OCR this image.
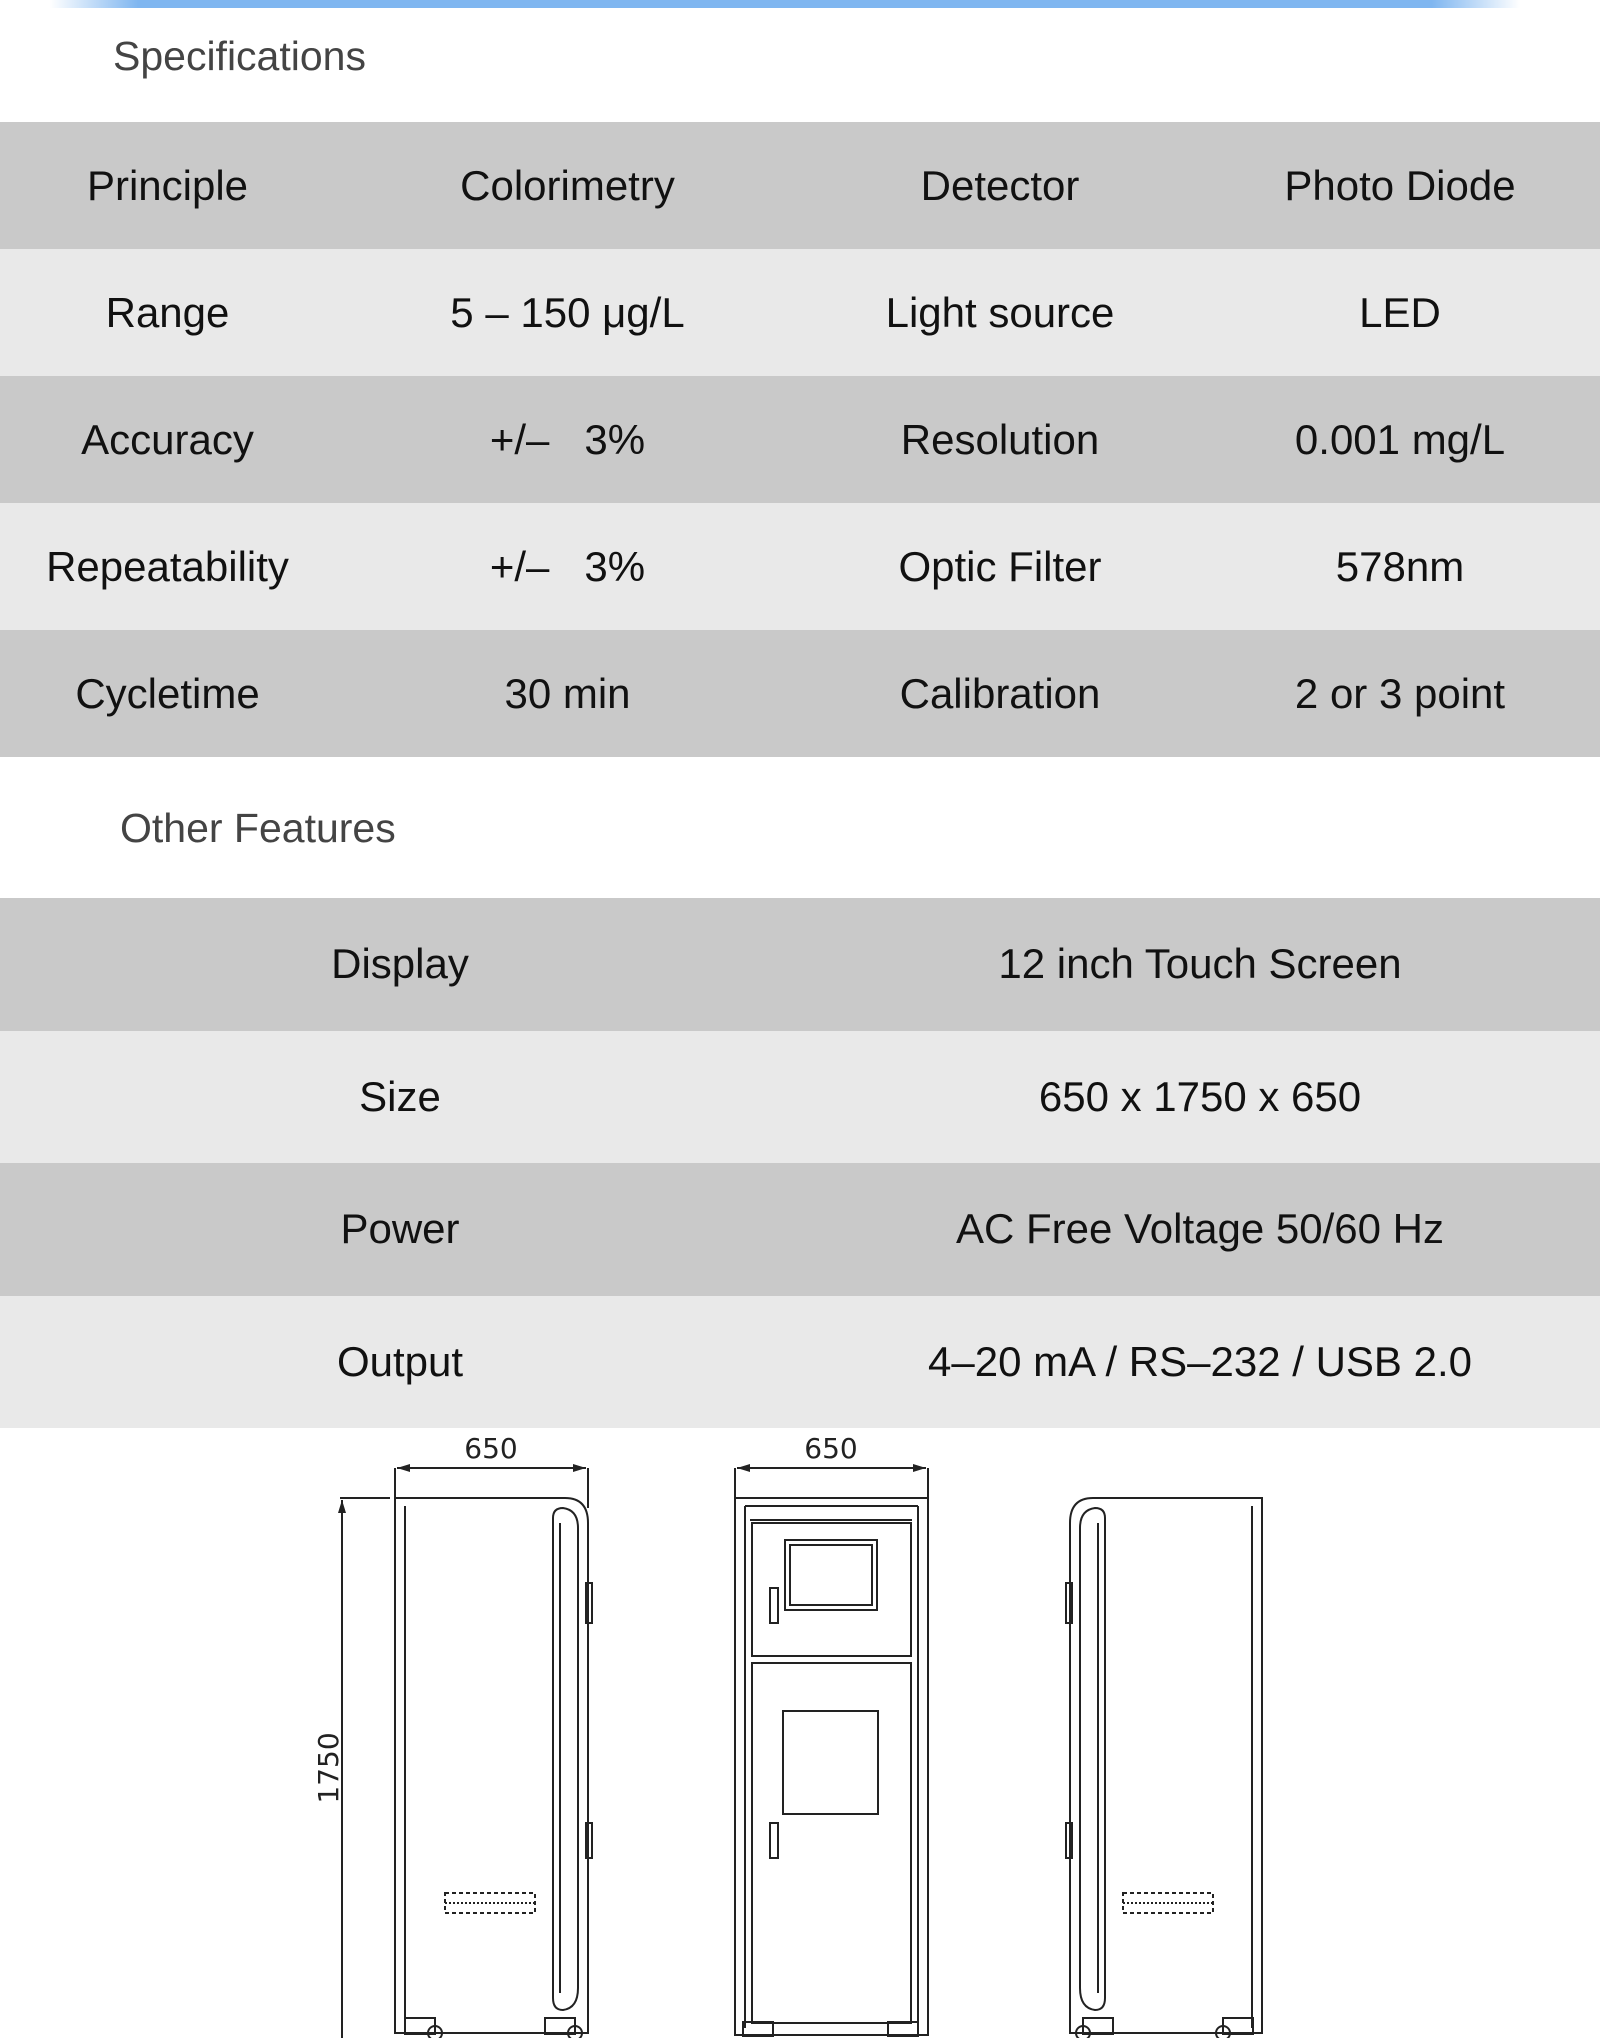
Specifications
Principle	Colorimetry	Detector	Photo Diode
Range	5 – 150 μg/L	Light source	LED
Accuracy	+/–   3%	Resolution	0.001 mg/L
Repeatability	+/–   3%	Optic Filter	578nm
Cycletime	30 min	Calibration	2 or 3 point
Other Features
Display	12 inch Touch Screen
Size	650 x 1750 x 650
Power	AC Free Voltage 50/60 Hz
Output	4–20 mA / RS–232 / USB 2.0
650
1750
650
